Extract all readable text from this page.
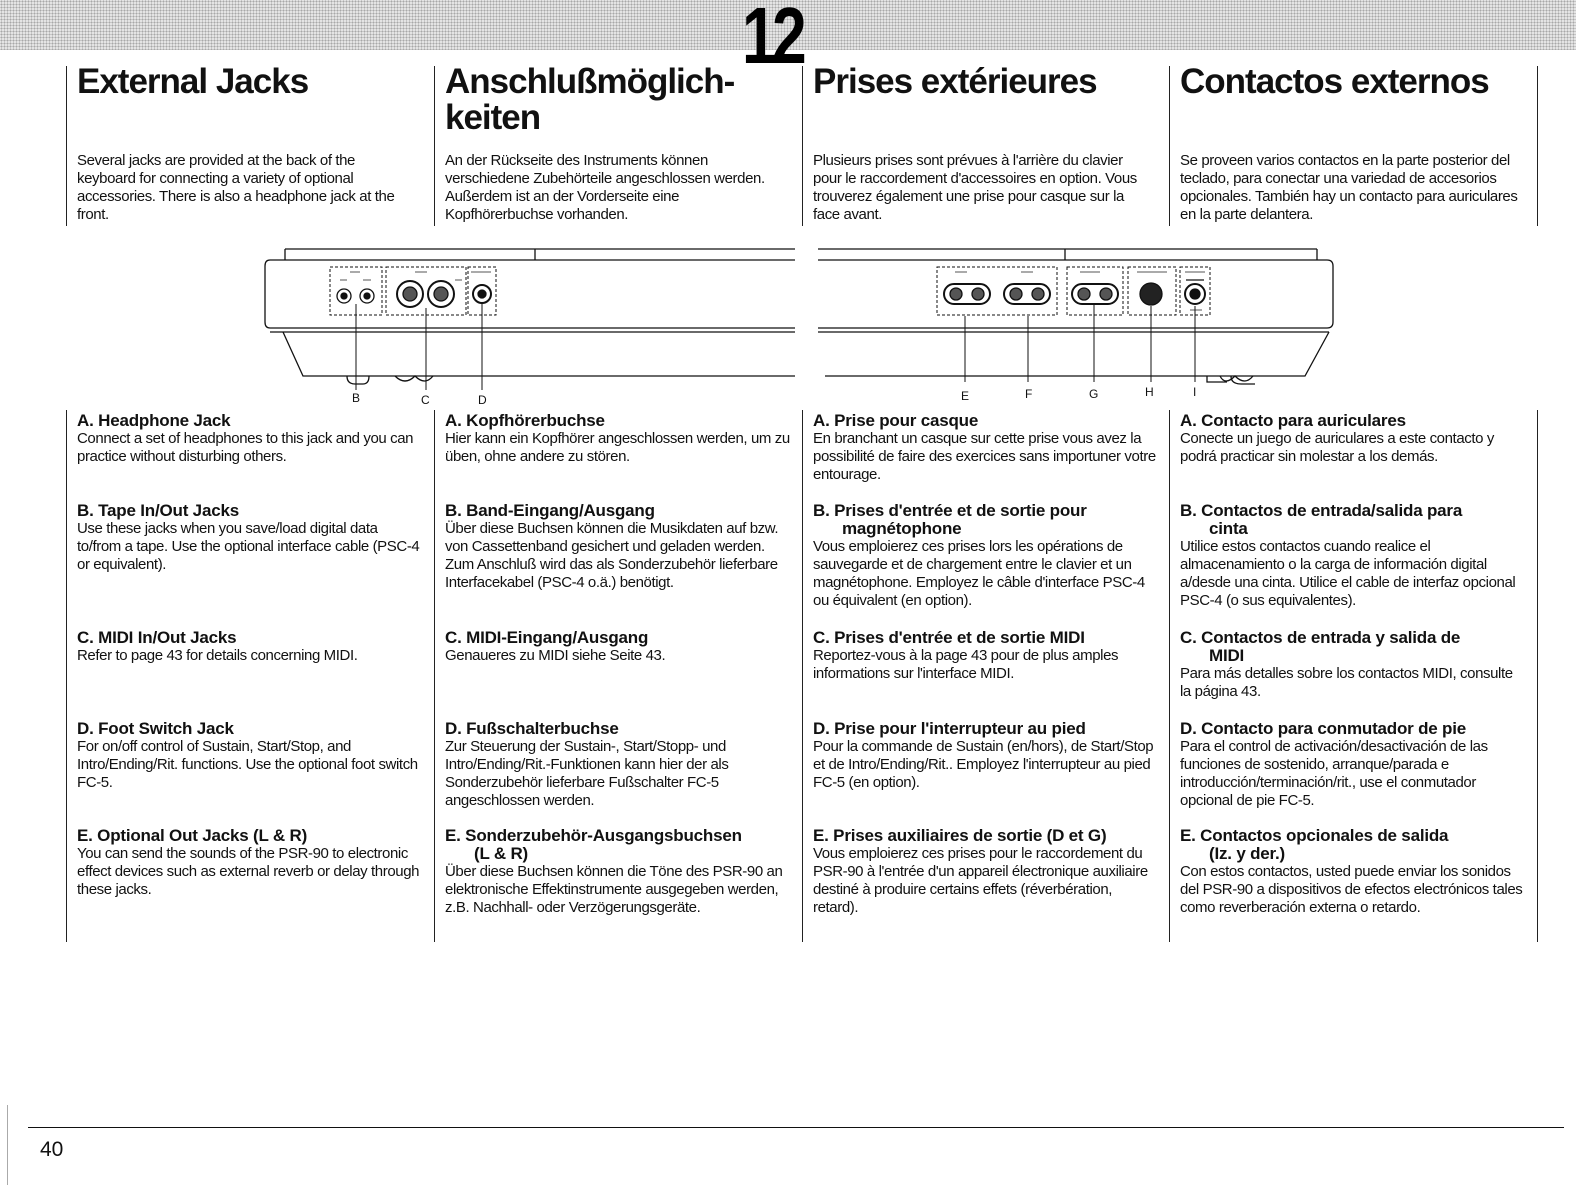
12
External Jacks
Several jacks are provided at the back of the keyboard for connecting a variety of optional accessories. There is also a headphone jack at the front.
A. Headphone Jack

Connect a set of headphones to this jack and you can practice without disturbing others.

B. Tape In/Out Jacks

Use these jacks when you save/load digital data to/from a tape. Use the optional interface cable (PSC-4 or equivalent).

C. MIDI In/Out Jacks

Refer to page 43 for details concerning MIDI.

D. Foot Switch Jack

For on/off control of Sustain, Start/Stop, and Intro/Ending/Rit. functions. Use the optional foot switch FC-5.

E. Optional Out Jacks (L & R)

You can send the sounds of the PSR-90 to electronic effect devices such as external reverb or delay through these jacks.

Anschlußmöglich-
keiten
An der Rückseite des Instruments können verschiedene Zubehörteile angeschlossen werden. Außerdem ist an der Vorderseite eine Kopfhörerbuchse vorhanden.
A. Kopfhörerbuchse

Hier kann ein Kopfhörer angeschlossen werden, um zu üben, ohne andere zu stören.

B. Band-Eingang/Ausgang

Über diese Buchsen können die Musikdaten auf bzw. von Cassettenband gesichert und geladen werden. Zum Anschluß wird das als Sonderzubehör lieferbare Interfacekabel (PSC-4 o.ä.) benötigt.

C. MIDI-Eingang/Ausgang

Genaueres zu MIDI siehe Seite 43.

D. Fußschalterbuchse

Zur Steuerung der Sustain-, Start/Stopp- und Intro/Ending/Rit.-Funktionen kann hier der als Sonderzubehör lieferbare Fußschalter FC-5 angeschlossen werden.

E. Sonderzubehör-Ausgangsbuchsen
(L & R)

Über diese Buchsen können die Töne des PSR-90 an elektronische Effektinstrumente ausgegeben werden, z.B. Nachhall- oder Verzögerungsgeräte.

Prises extérieures
Plusieurs prises sont prévues à l'arrière du clavier pour le raccordement d'accessoires en option. Vous trouverez également une prise pour casque sur la face avant.
A. Prise pour casque

En branchant un casque sur cette prise vous avez la possibilité de faire des exercices sans importuner votre entourage.

B. Prises d'entrée et de sortie pour
magnétophone

Vous emploierez ces prises lors les opérations de sauvegarde et de chargement entre le clavier et un magnétophone. Employez le câble d'interface PSC-4 ou équivalent (en option).

C. Prises d'entrée et de sortie MIDI

Reportez-vous à la page 43 pour de plus amples informations sur l'interface MIDI.

D. Prise pour l'interrupteur au pied

Pour la commande de Sustain (en/hors), de Start/Stop et de Intro/Ending/Rit.. Employez l'interrupteur au pied FC-5 (en option).

E. Prises auxiliaires de sortie (D et G)

Vous emploierez ces prises pour le raccordement du PSR-90 à l'entrée d'un appareil électronique auxiliaire destiné à produire certains effets (réverbération, retard).

Contactos externos
Se proveen varios contactos en la parte posterior del teclado, para conectar una variedad de accesorios opcionales. También hay un contacto para auriculares en la parte delantera.
A. Contacto para auriculares

Conecte un juego de auriculares a este contacto y podrá practicar sin molestar a los demás.

B. Contactos de entrada/salida para
cinta

Utilice estos contactos cuando realice el almacenamiento o la carga de información digital a/desde una cinta. Utilice el cable de interfaz opcional PSC-4 (o sus equivalentes).

C. Contactos de entrada y salida de
MIDI

Para más detalles sobre los contactos MIDI, consulte la página 43.

D. Contacto para conmutador de pie

Para el control de activación/desactivación de las funciones de sostenido, arranque/parada e introducción/terminación/rit., use el conmutador opcional de pie FC-5.

E. Contactos opcionales de salida
(Iz. y der.)

Con estos contactos, usted puede enviar los sonidos del PSR-90 a dispositivos de efectos electrónicos tales como reverberación externa o retardo.

B	C	D	E	F	G	H	I
40
